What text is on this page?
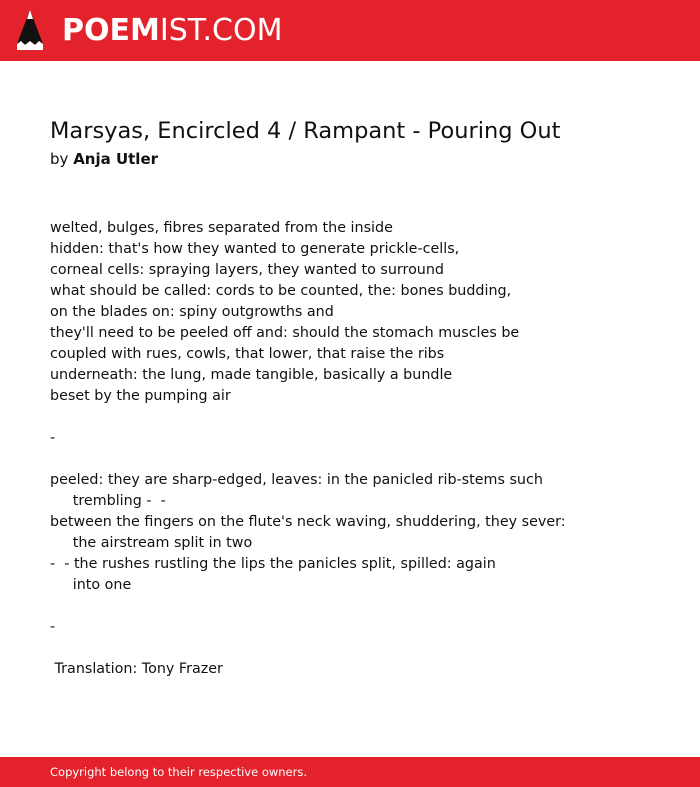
POEMIST.COM
Marsyas, Encircled 4 / Rampant - Pouring Out
by Anja Utler
welted, bulges, fibres separated from the inside
hidden: that's how they wanted to generate prickle-cells,
corneal cells: spraying layers, they wanted to surround
what should be called: cords to be counted, the: bones budding,
on the blades on: spiny outgrowths and
they'll need to be peeled off and: should the stomach muscles be
coupled with rues, cowls, that lower, that raise the ribs
underneath: the lung, made tangible, basically a bundle
beset by the pumping air
-
peeled: they are sharp-edged, leaves: in the panicled rib-stems such
trembling -  -
between the fingers on the flute's neck waving, shuddering, they sever:
the airstream split in two
-  - the rushes rustling the lips the panicles split, spilled: again
into one
-
Translation: Tony Frazer
Copyright belong to their respective owners.
